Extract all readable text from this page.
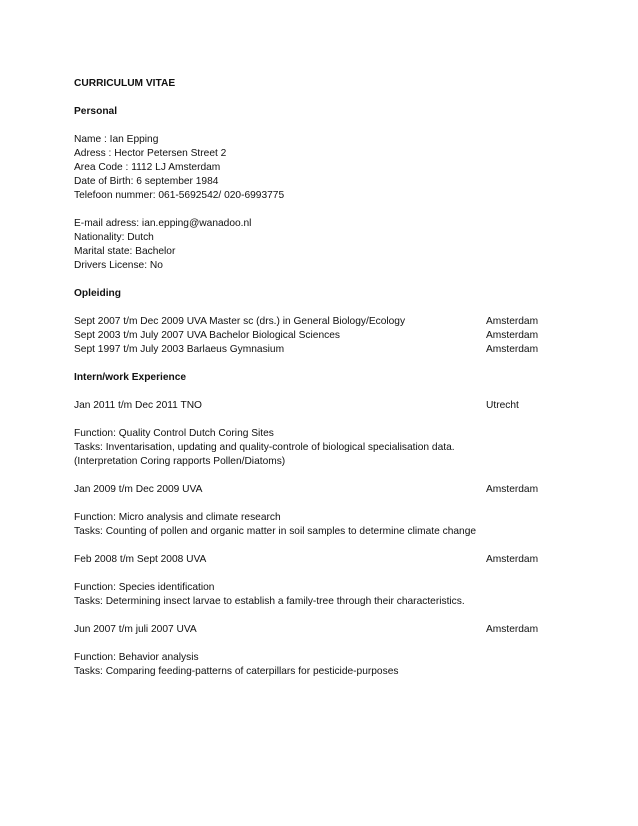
CURRICULUM VITAE
Personal
Name : Ian Epping
Adress : Hector Petersen Street 2
Area Code : 1112 LJ Amsterdam
Date of Birth: 6 september 1984
Telefoon nummer: 061-5692542/ 020-6993775
E-mail adress: ian.epping@wanadoo.nl
Nationality: Dutch
Marital state: Bachelor
Drivers License: No
Opleiding
Sept 2007 t/m Dec 2009 UVA Master sc (drs.) in General Biology/Ecology	Amsterdam
Sept 2003 t/m July 2007 UVA Bachelor Biological Sciences	Amsterdam
Sept 1997 t/m July 2003 Barlaeus Gymnasium	Amsterdam
Intern/work Experience
Jan 2011 t/m Dec 2011 TNO	Utrecht
Function: Quality Control Dutch Coring Sites
Tasks: Inventarisation, updating and quality-controle of biological specialisation data.
(Interpretation Coring rapports Pollen/Diatoms)
Jan 2009 t/m Dec 2009 UVA	Amsterdam
Function: Micro analysis and climate research
Tasks: Counting of pollen and organic matter in soil samples to determine climate change
Feb 2008 t/m Sept 2008 UVA	Amsterdam
Function: Species identification
Tasks: Determining insect larvae to establish a family-tree through their characteristics.
Jun 2007 t/m juli 2007 UVA	Amsterdam
Function: Behavior analysis
Tasks: Comparing feeding-patterns of caterpillars for pesticide-purposes
